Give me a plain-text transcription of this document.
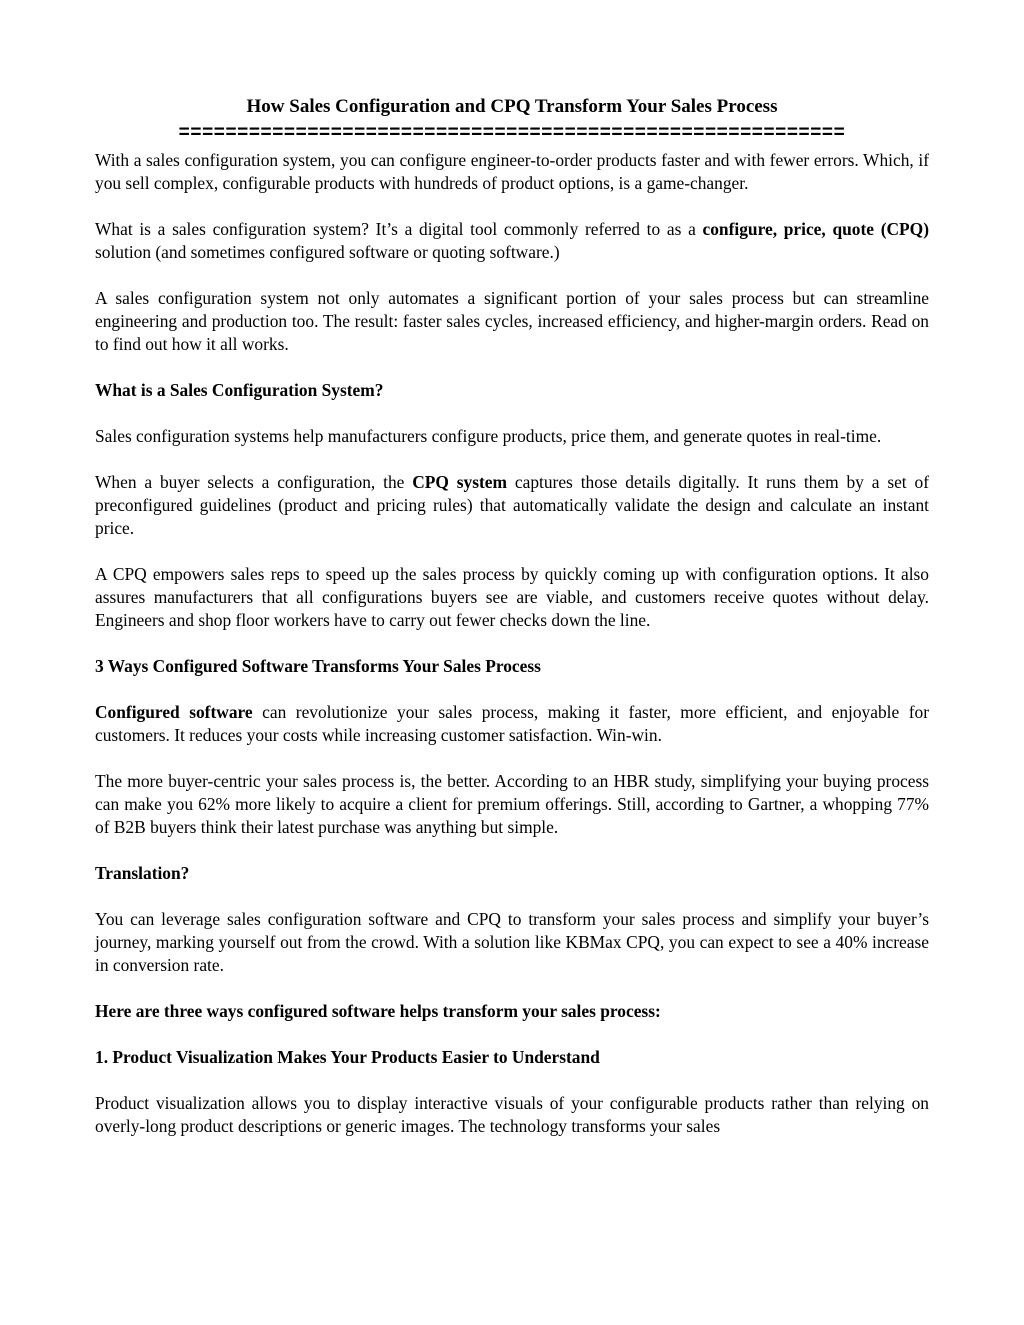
How Sales Configuration and CPQ Transform Your Sales Process
=========================================================

With a sales configuration system, you can configure engineer-to-order products faster and with fewer errors. Which, if you sell complex, configurable products with hundreds of product options, is a game-changer.

What is a sales configuration system? It’s a digital tool commonly referred to as a configure, price, quote (CPQ) solution (and sometimes configured software or quoting software.)

A sales configuration system not only automates a significant portion of your sales process but can streamline engineering and production too. The result: faster sales cycles, increased efficiency, and higher-margin orders. Read on to find out how it all works.

What is a Sales Configuration System?

Sales configuration systems help manufacturers configure products, price them, and generate quotes in real-time.

When a buyer selects a configuration, the CPQ system captures those details digitally. It runs them by a set of preconfigured guidelines (product and pricing rules) that automatically validate the design and calculate an instant price.

A CPQ empowers sales reps to speed up the sales process by quickly coming up with configuration options. It also assures manufacturers that all configurations buyers see are viable, and customers receive quotes without delay. Engineers and shop floor workers have to carry out fewer checks down the line.

3 Ways Configured Software Transforms Your Sales Process

Configured software can revolutionize your sales process, making it faster, more efficient, and enjoyable for customers. It reduces your costs while increasing customer satisfaction. Win-win.

The more buyer-centric your sales process is, the better. According to an HBR study, simplifying your buying process can make you 62% more likely to acquire a client for premium offerings. Still, according to Gartner, a whopping 77% of B2B buyers think their latest purchase was anything but simple.

Translation?

You can leverage sales configuration software and CPQ to transform your sales process and simplify your buyer’s journey, marking yourself out from the crowd. With a solution like KBMax CPQ, you can expect to see a 40% increase in conversion rate.

Here are three ways configured software helps transform your sales process:

1. Product Visualization Makes Your Products Easier to Understand

Product visualization allows you to display interactive visuals of your configurable products rather than relying on overly-long product descriptions or generic images. The technology transforms your sales
